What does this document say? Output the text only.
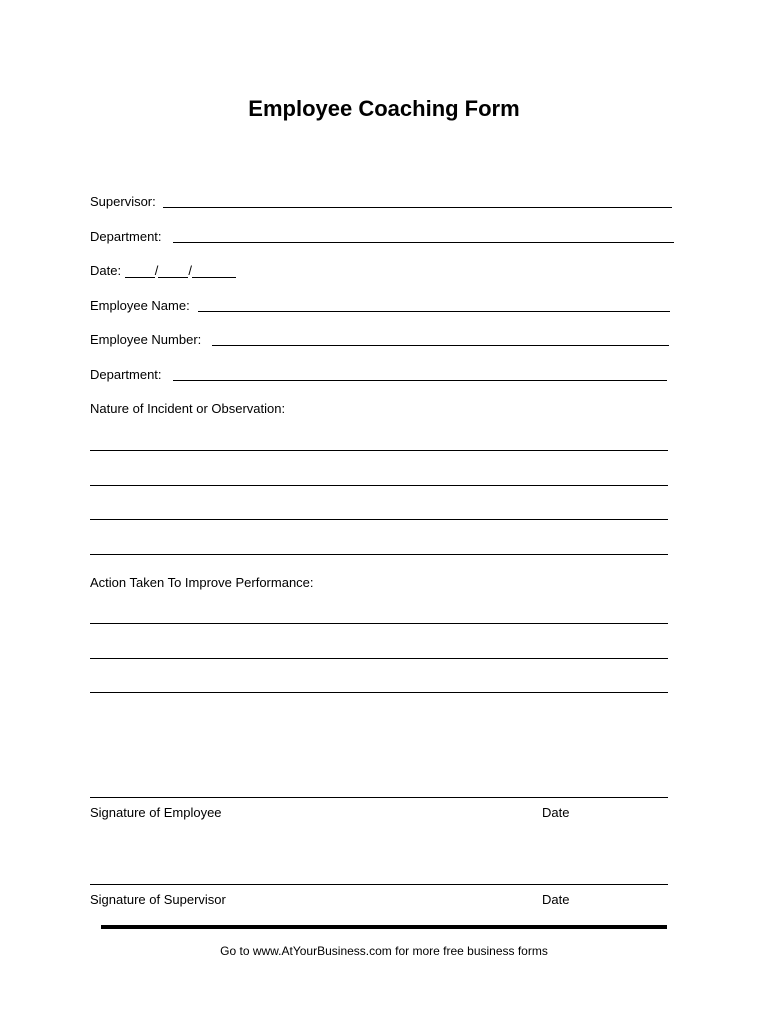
Employee Coaching Form
Supervisor:
Department:
Date:	/ /
Employee Name:
Employee Number:
Department:
Nature of Incident or Observation:
Action Taken To Improve Performance:
Signature of Employee	Date
Signature of Supervisor	Date
Go to www.AtYourBusiness.com for more free business forms
